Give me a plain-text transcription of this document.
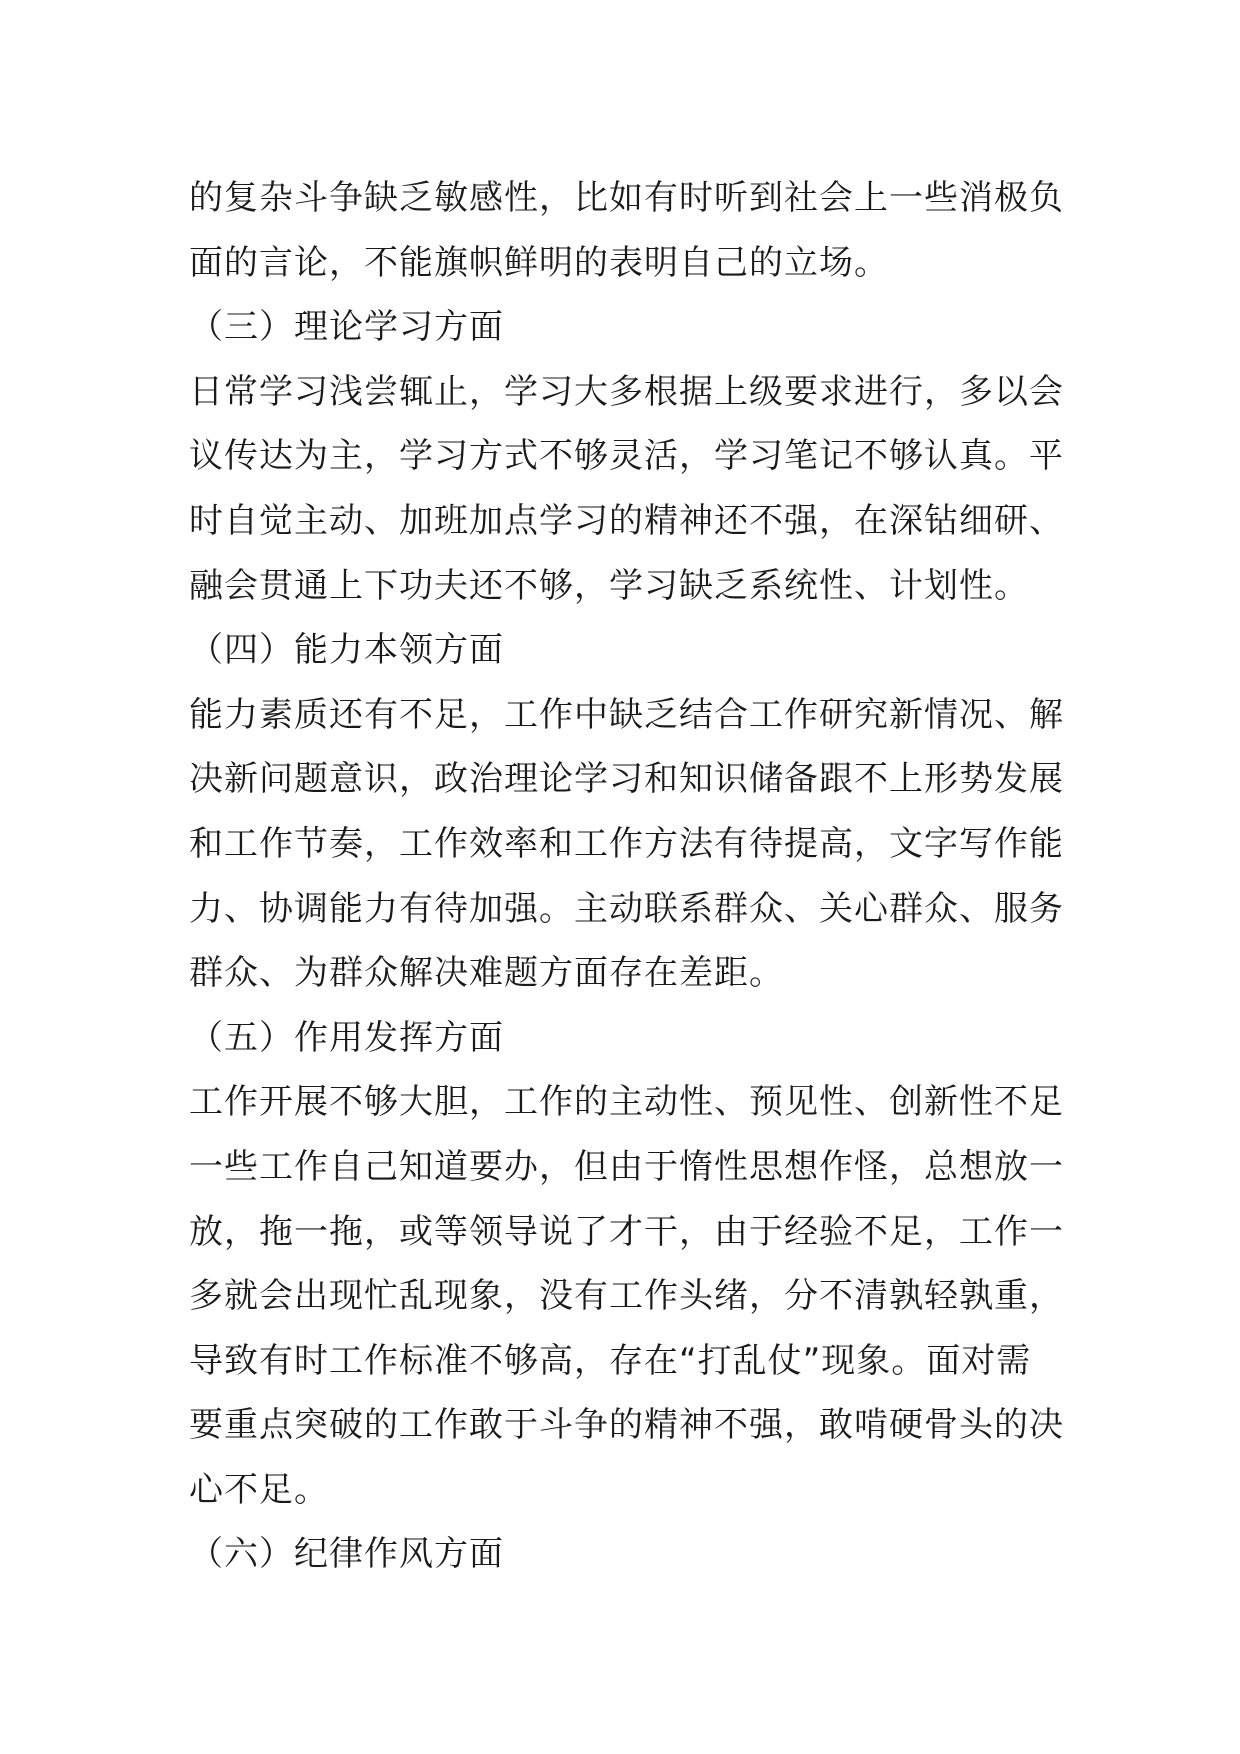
的复杂斗争缺乏敏感性，比如有时听到社会上一些消极负
面的言论，不能旗帜鲜明的表明自己的立场。
（三）理论学习方面
日常学习浅尝辄止，学习大多根据上级要求进行，多以会
议传达为主，学习方式不够灵活，学习笔记不够认真。平
时自觉主动、加班加点学习的精神还不强，在深钻细研、
融会贯通上下功夫还不够，学习缺乏系统性、计划性。
（四）能力本领方面
能力素质还有不足，工作中缺乏结合工作研究新情况、解
决新问题意识，政治理论学习和知识储备跟不上形势发展
和工作节奏，工作效率和工作方法有待提高，文字写作能
力、协调能力有待加强。主动联系群众、关心群众、服务
群众、为群众解决难题方面存在差距。
（五）作用发挥方面
工作开展不够大胆，工作的主动性、预见性、创新性不足
一些工作自己知道要办，但由于惰性思想作怪，总想放一
放，拖一拖，或等领导说了才干，由于经验不足，工作一
多就会出现忙乱现象，没有工作头绪，分不清孰轻孰重，
导致有时工作标准不够高，存在“打乱仗”现象。面对需
要重点突破的工作敢于斗争的精神不强，敢啃硬骨头的决
心不足。
（六）纪律作风方面
